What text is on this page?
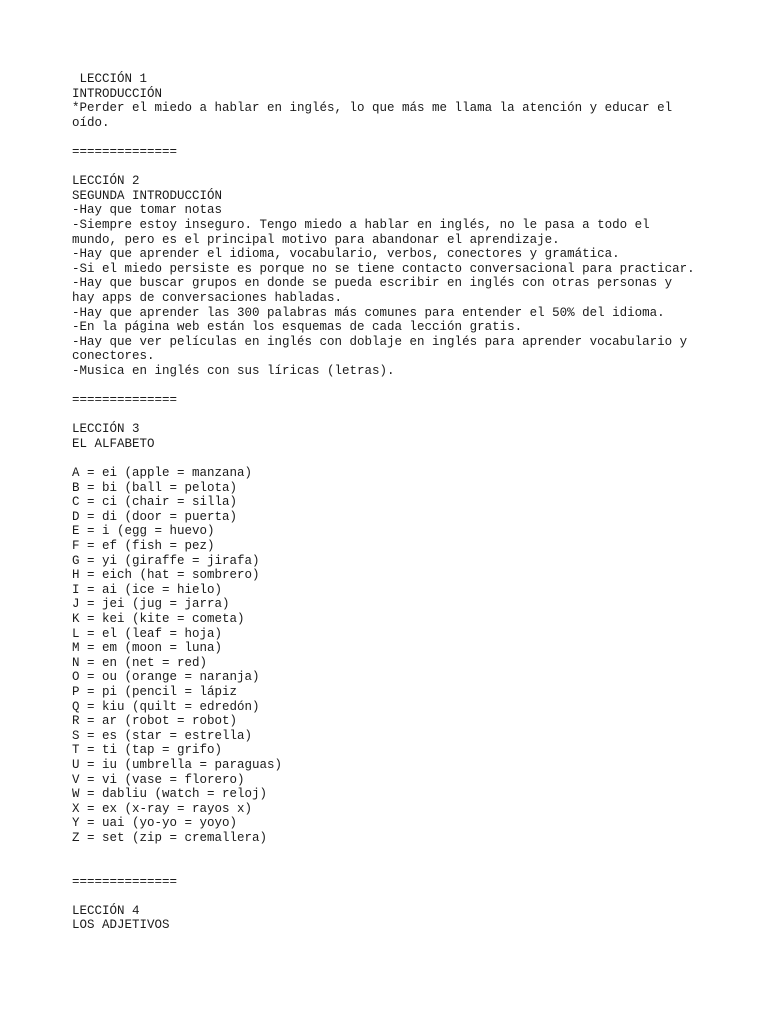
LECCIÓN 1
INTRODUCCIÓN
*Perder el miedo a hablar en inglés, lo que más me llama la atención y educar el
oído.
==============
LECCIÓN 2
SEGUNDA INTRODUCCIÓN
-Hay que tomar notas
-Siempre estoy inseguro. Tengo miedo a hablar en inglés, no le pasa a todo el
mundo, pero es el principal motivo para abandonar el aprendizaje.
-Hay que aprender el idioma, vocabulario, verbos, conectores y gramática.
-Si el miedo persiste es porque no se tiene contacto conversacional para practicar.
-Hay que buscar grupos en donde se pueda escribir en inglés con otras personas y
hay apps de conversaciones habladas.
-Hay que aprender las 300 palabras más comunes para entender el 50% del idioma.
-En la página web están los esquemas de cada lección gratis.
-Hay que ver películas en inglés con doblaje en inglés para aprender vocabulario y
conectores.
-Musica en inglés con sus líricas (letras).
==============
LECCIÓN 3
EL ALFABETO
A = ei (apple = manzana)
B = bi (ball = pelota)
C = ci (chair = silla)
D = di (door = puerta)
E = i (egg = huevo)
F = ef (fish = pez)
G = yi (giraffe = jirafa)
H = eich (hat = sombrero)
I = ai (ice = hielo)
J = jei (jug = jarra)
K = kei (kite = cometa)
L = el (leaf = hoja)
M = em (moon = luna)
N = en (net = red)
O = ou (orange = naranja)
P = pi (pencil = lápiz
Q = kiu (quilt = edredón)
R = ar (robot = robot)
S = es (star = estrella)
T = ti (tap = grifo)
U = iu (umbrella = paraguas)
V = vi (vase = florero)
W = dabliu (watch = reloj)
X = ex (x-ray = rayos x)
Y = uai (yo-yo = yoyo)
Z = set (zip = cremallera)
==============
LECCIÓN 4
LOS ADJETIVOS
